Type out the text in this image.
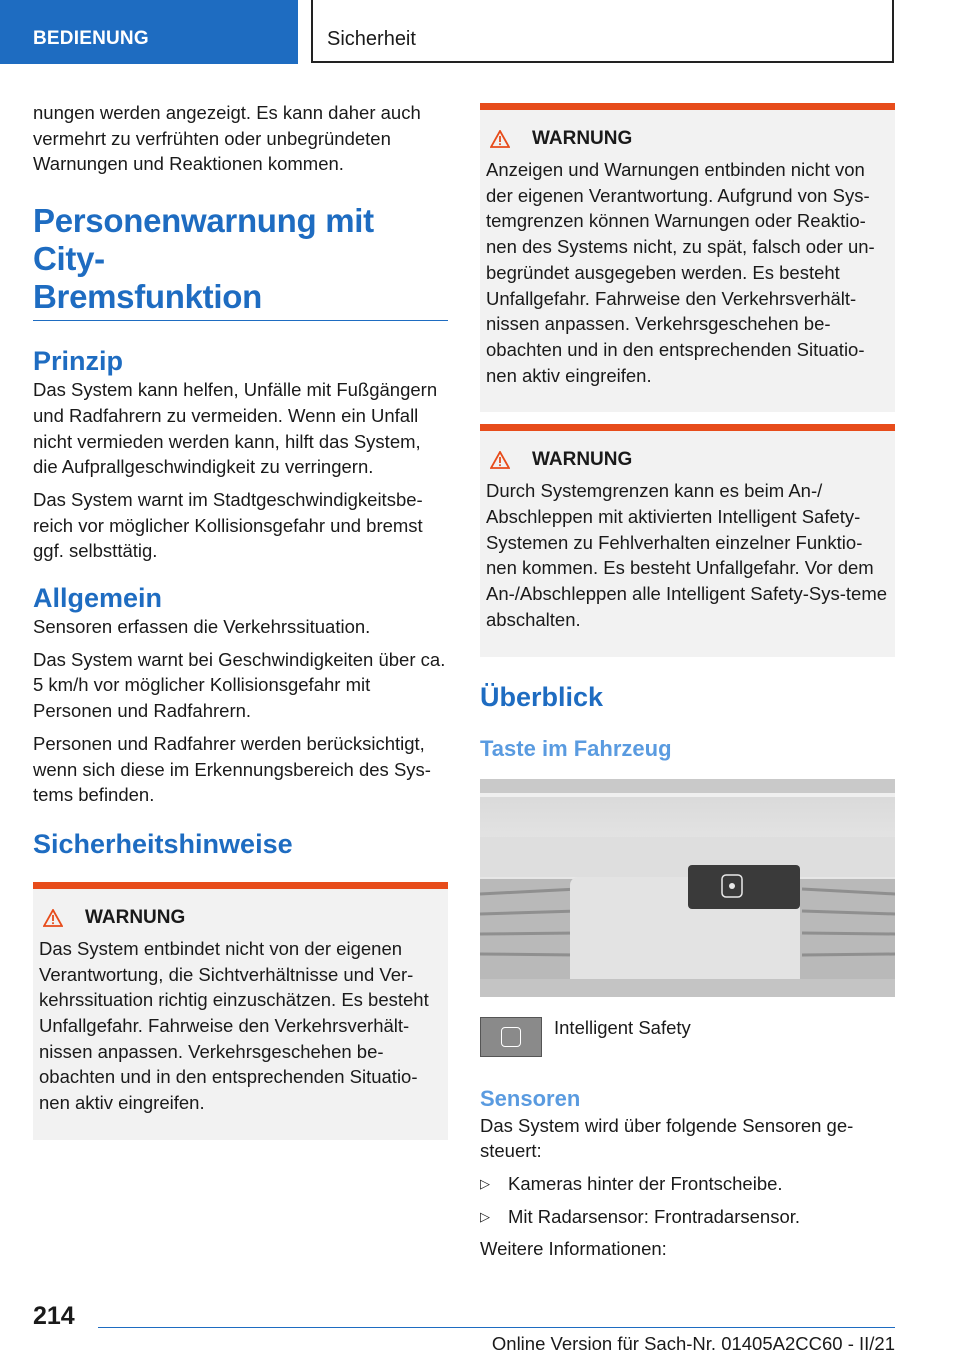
BEDIENUNG	Sicherheit

nungen werden angezeigt. Es kann daher auch vermehrt zu verfrühten oder unbegründeten Warnungen und Reaktionen kommen.

Personenwarnung mit City-
Bremsfunktion
Prinzip

Das System kann helfen, Unfälle mit Fußgängern und Radfahrern zu vermeiden. Wenn ein Unfall nicht vermieden werden kann, hilft das System, die Aufprallgeschwindigkeit zu verringern.

Das System warnt im Stadtgeschwindigkeitsbe-reich vor möglicher Kollisionsgefahr und bremst ggf. selbsttätig.

Allgemein

Sensoren erfassen die Verkehrssituation.

Das System warnt bei Geschwindigkeiten über ca. 5 km/h vor möglicher Kollisionsgefahr mit Personen und Radfahrern.

Personen und Radfahrer werden berücksichtigt, wenn sich diese im Erkennungsbereich des Sys-tems befinden.

Sicherheitshinweise
WARNUNG

Das System entbindet nicht von der eigenen Verantwortung, die Sichtverhältnisse und Ver-kehrssituation richtig einzuschätzen. Es besteht Unfallgefahr. Fahrweise den Verkehrsverhält-nissen anpassen. Verkehrsgeschehen be-obachten und in den entsprechenden Situatio-nen aktiv eingreifen.

WARNUNG

Anzeigen und Warnungen entbinden nicht von der eigenen Verantwortung. Aufgrund von Sys-temgrenzen können Warnungen oder Reaktio-nen des Systems nicht, zu spät, falsch oder un-begründet ausgegeben werden. Es besteht Unfallgefahr. Fahrweise den Verkehrsverhält-nissen anpassen. Verkehrsgeschehen be-obachten und in den entsprechenden Situatio-nen aktiv eingreifen.

WARNUNG

Durch Systemgrenzen kann es beim An-/ Abschleppen mit aktivierten Intelligent Safety-Systemen zu Fehlverhalten einzelner Funktio-nen kommen. Es besteht Unfallgefahr. Vor dem An-/Abschleppen alle Intelligent Safety-Sys-teme abschalten.

Überblick
Taste im Fahrzeug
Intelligent Safety
Sensoren

Das System wird über folgende Sensoren ge-steuert:

▷ Kameras hinter der Frontscheibe.
▷ Mit Radarsensor: Frontradarsensor.

Weitere Informationen:

214
Online Version für Sach-Nr. 01405A2CC60 - II/21
